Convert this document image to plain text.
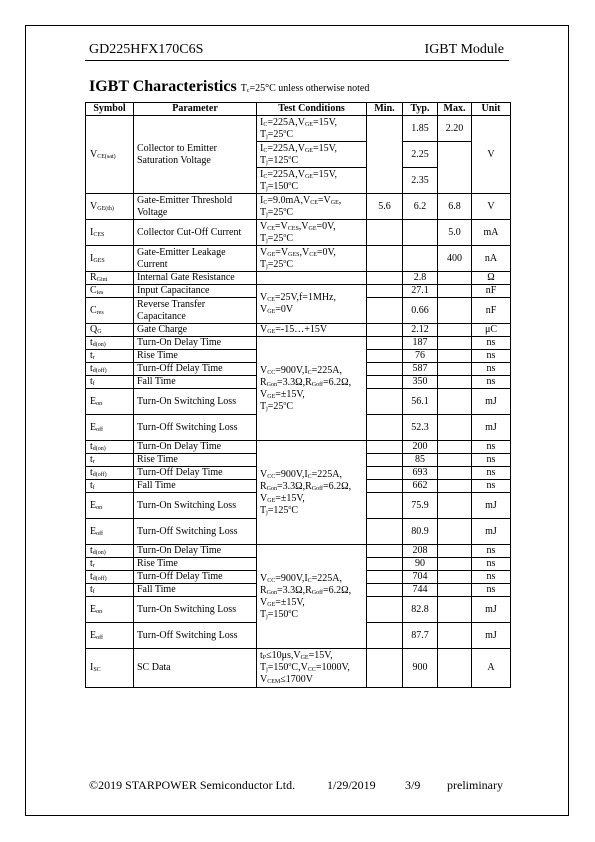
GD225HFX170C6S	IGBT Module
IGBT Characteristics $T_c=25^\circ C$ unless otherwise noted
Symbol	Parameter	Test Conditions	Min.	Typ.	Max.	Unit
$V_{CE(sat)}$	Collector to Emitter Saturation Voltage	$I_C=225A,V_{GE}=15V$,
$T_j=25^oC$		1.85	2.20	V
		$I_C=225A,V_{GE}=15V$,
$T_j=125^oC$		2.25		
		$I_C=225A,V_{GE}=15V$,
$T_j=150^oC$		2.35		
$V_{GE(th)}$	Gate-Emitter Threshold Voltage	$I_C=9.0mA,V_{CE}=V_{GE}$,
$T_j=25^oC$	5.6	6.2	6.8	V
$I_{CES}$	Collector Cut-Off Current	$V_{CE}=V_{CES},V_{GE}=0V$,
$T_j=25^oC$			5.0	mA
$I_{GES}$	Gate-Emitter Leakage Current	$V_{GE}=V_{GES},V_{CE}=0V$,
$T_j=25^oC$			400	nA
$R_{Gint}$	Internal Gate Resistance			2.8		Ω
$C_{ies}$	Input Capacitance	$V_{CE}=25V,f=1MHz$,
$V_{GE}=0V$		27.1		nF
$C_{res}$	Reverse Transfer Capacitance			0.66		nF
$Q_G$	Gate Charge	$V_{GE}=-15\dots+15V$		2.12		μC
$t_{d(on)}$	Turn-On Delay Time	$V_{CC}=900V,I_C=225A$,
$R_{Gon}=3.3\Omega,R_{Goff}=6.2\Omega$,
$V_{GE}=\pm 15V$,
$T_j=25^oC$		187		ns
$t_r$	Rise Time			76		ns
$t_{d(off)}$	Turn-Off Delay Time			587		ns
$t_f$	Fall Time			350		ns
$E_{on}$	Turn-On Switching Loss			56.1		mJ
$E_{off}$	Turn-Off Switching Loss			52.3		mJ
$t_{d(on)}$	Turn-On Delay Time	$V_{CC}=900V,I_C=225A$,
$R_{Gon}=3.3\Omega,R_{Goff}=6.2\Omega$,
$V_{GE}=\pm 15V$,
$T_j=125^oC$		200		ns
$t_r$	Rise Time			85		ns
$t_{d(off)}$	Turn-Off Delay Time			693		ns
$t_f$	Fall Time			662		ns
$E_{on}$	Turn-On Switching Loss			75.9		mJ
$E_{off}$	Turn-Off Switching Loss			80.9		mJ
$t_{d(on)}$	Turn-On Delay Time	$V_{CC}=900V,I_C=225A$,
$R_{Gon}=3.3\Omega,R_{Goff}=6.2\Omega$,
$V_{GE}=\pm 15V$,
$T_j=150^oC$		208		ns
$t_r$	Rise Time			90		ns
$t_{d(off)}$	Turn-Off Delay Time			704		ns
$t_f$	Fall Time			744		ns
$E_{on}$	Turn-On Switching Loss			82.8		mJ
$E_{off}$	Turn-Off Switching Loss			87.7		mJ
$I_{SC}$	SC Data	$t_P\le 10\mu s,V_{GE}=15V$,
$T_j=150^oC,V_{CC}=1000V$,
$V_{CEM}\le 1700V$		900		A
©2019 STARPOWER Semiconductor Ltd.	1/29/2019 3/9 preliminary
